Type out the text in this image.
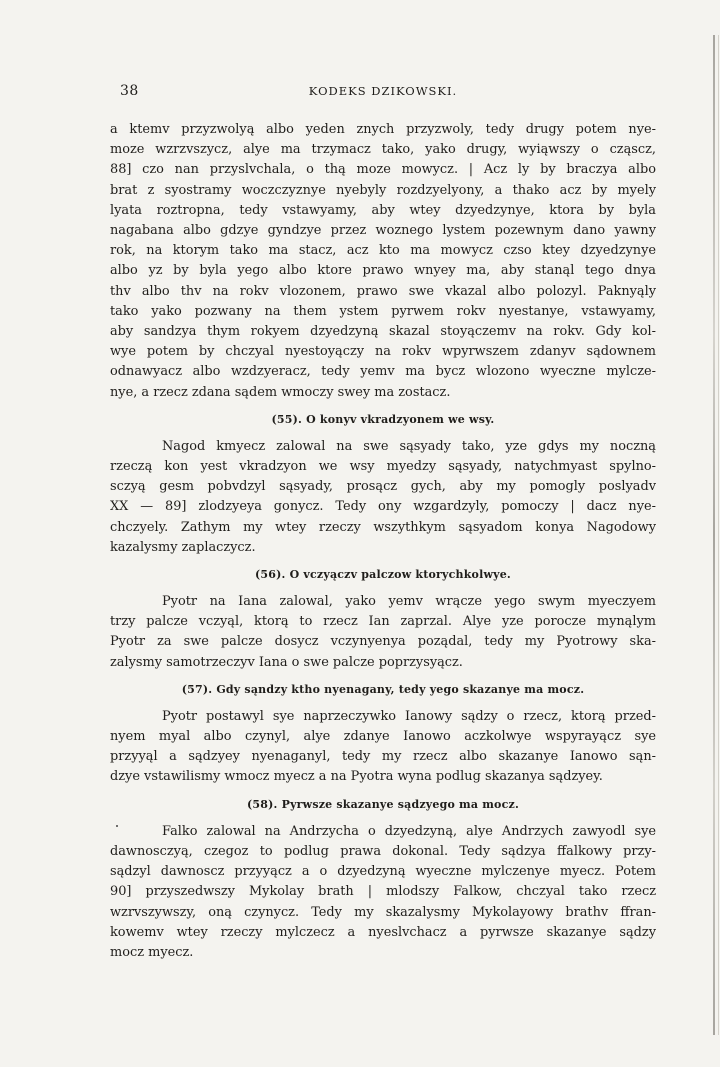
38	KODEKS DZIKOWSKI.
a ktemv przyzwolyą albo yeden znych przyzwoly, tedy drugy potem nye-
moze wzrzvszycz, alye ma trzymacz tako, yako drugy, wyiąwszy o cząscz,
88] czo nan przyslvchala, o thą moze mowycz. | Acz ly by braczya albo
brat z syostramy woczczyznye nyebyly rozdzyelyony, a thako acz by myely
lyata roztropna, tedy vstawyamy, aby wtey dzyedzynye, ktora by byla
nagabana albo gdzye gyndzye przez woznego lystem pozewnym dano yawny
rok, na ktorym tako ma stacz, acz kto ma mowycz czso ktey dzyedzynye
albo yz by byla yego albo ktore prawo wnyey ma, aby stanąl tego dnya
thv albo thv na rokv vlozonem, prawo swe vkazal albo polozyl. Paknyąly
tako yako pozwany na them ystem pyrwem rokv nyestanye, vstawyamy,
aby sandzya thym rokyem dzyedzyną skazal stoyączemv na rokv. Gdy kol-
wye potem by chczyal nyestoyączy na rokv wpyrwszem zdanyv sądownem
odnawyacz albo wzdzyeracz, tedy yemv ma bycz wlozono wyeczne mylcze-
nye, a rzecz zdana sądem wmoczy swey ma zostacz.
(55). O konyv vkradzyonem we wsy.
Nagod kmyecz zalowal na swe sąsyady tako, yze gdys my noczną
rzeczą kon yest vkradzyon we wsy myedzy sąsyady, natychmyast spylno-
sczyą gesm pobvdzyl sąsyady, prosącz gych, aby my pomogly poslyadv
XX — 89] zlodzyeya gonycz. Tedy ony wzgardzyly, pomoczy | dacz nye-
chczyely. Zathym my wtey rzeczy wszythkym sąsyadom konya Nagodowy
kazalysmy zaplaczycz.
(56). O vczyączv palczow ktorychkolwye.
Pyotr na Iana zalowal, yako yemv wrącze yego swym myeczyem
trzy palcze vczyąl, ktorą to rzecz Ian zaprzal. Alye yze porocze mynąlym
Pyotr za swe palcze dosycz vczynyenya poządal, tedy my Pyotrowy ska-
zalysmy samotrzeczyv Iana o swe palcze poprzysyącz.
(57). Gdy sąndzy ktho nyenagany, tedy yego skazanye ma mocz.
Pyotr postawyl sye naprzeczywko Ianowy sądzy o rzecz, ktorą przed-
nyem myal albo czynyl, alye zdanye Ianowo aczkolwye wspyrayącz sye
przyyąl a sądzyey nyenaganyl, tedy my rzecz albo skazanye Ianowo sąn-
dzye vstawilismy wmocz myecz a na Pyotra wyna podlug skazanya sądzyey.
(58). Pyrwsze skazanye sądzyego ma mocz.
Falko zalowal na Andrzycha o dzyedzyną, alye Andrzych zawyodl sye
dawnosczyą, czegoz to podlug prawa dokonal. Tedy sądzya ffalkowy przy-
sądzyl dawnoscz przyyącz a o dzyedzyną wyeczne mylczenye myecz. Potem
90] przyszedwszy Mykolay brath | mlodszy Falkow, chczyal tako rzecz
wzrvszywszy, oną czynycz. Tedy my skazalysmy Mykolayowy brathv ffran-
kowemv wtey rzeczy mylczecz a nyeslvchacz a pyrwsze skazanye sądzy
mocz myecz.
